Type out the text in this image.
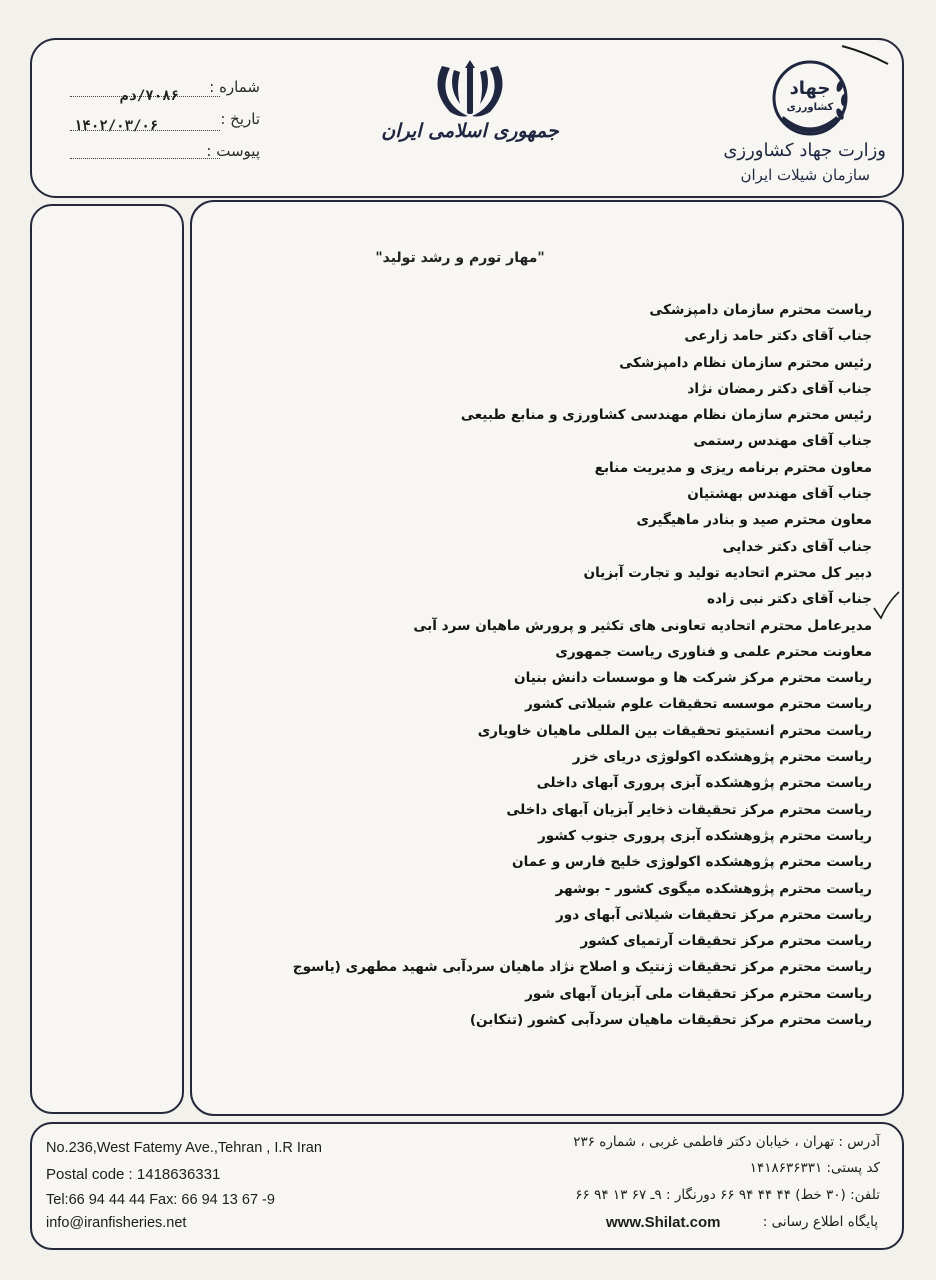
شماره :
۷۰۸۶/دم
تاریخ :
۱۴۰۲/۰۳/۰۶
پیوست :
جمهوری اسلامی ایران
جهاد
کشاورزی
وزارت جهاد کشاورزی
سازمان شیلات ایران
"مهار تورم و رشد تولید"
ریاست محترم سازمان دامپزشکی
جناب آقای دکتر حامد زارعی
رئیس محترم سازمان نظام دامپزشکی
جناب آقای دکتر رمضان نژاد
رئیس محترم سازمان نظام مهندسی کشاورزی و منابع طبیعی
جناب آقای مهندس رستمی
معاون محترم برنامه ریزی و مدیریت منابع
جناب آقای مهندس بهشتیان
معاون محترم صید و بنادر ماهیگیری
جناب آقای دکتر خدایی
دبیر کل محترم اتحادیه تولید و تجارت آبزیان
جناب آقای دکتر نبی زاده
مدیرعامل محترم اتحادیه تعاونی های تکثیر و پرورش ماهیان سرد آبی
معاونت محترم علمی و فناوری ریاست جمهوری
ریاست محترم مرکز شرکت ها و موسسات دانش بنیان
ریاست محترم موسسه تحقیقات علوم شیلاتی کشور
ریاست محترم انستیتو تحقیقات بین المللی ماهیان خاویاری
ریاست محترم پژوهشکده اکولوژی دریای خزر
ریاست محترم پژوهشکده آبزی پروری آبهای داخلی
ریاست محترم مرکز تحقیقات ذخایر آبزیان آبهای داخلی
ریاست محترم پژوهشکده آبزی پروری جنوب کشور
ریاست محترم پژوهشکده اکولوژی خلیج فارس و عمان
ریاست محترم پژوهشکده میگوی کشور - بوشهر
ریاست محترم مرکز تحقیقات شیلاتی آبهای دور
ریاست محترم مرکز تحقیقات آرتمیای کشور
ریاست محترم مرکز تحقیقات ژنتیک و اصلاح نژاد ماهیان سردآبی شهید مطهری (یاسوج
ریاست محترم مرکز تحقیقات ملی آبزیان آبهای شور
ریاست محترم مرکز تحقیقات ماهیان سردآبی کشور (تنکابن)
No.236,West Fatemy Ave.,Tehran , I.R Iran
Postal code : 1418636331
Tel:66 94 44 44 Fax: 66 94 13 67 -9
info@iranfisheries.net
آدرس : تهران ، خیابان دکتر فاطمی غربی ، شماره ۲۳۶
کد پستی: ۱۴۱۸۶۳۶۳۳۱
تلفن: (۳۰ خط) ۴۴ ۴۴ ۹۴ ۶۶ دورنگار : ۹ـ ۶۷ ۱۳ ۹۴ ۶۶
پایگاه اطلاع رسانی :
www.Shilat.com
